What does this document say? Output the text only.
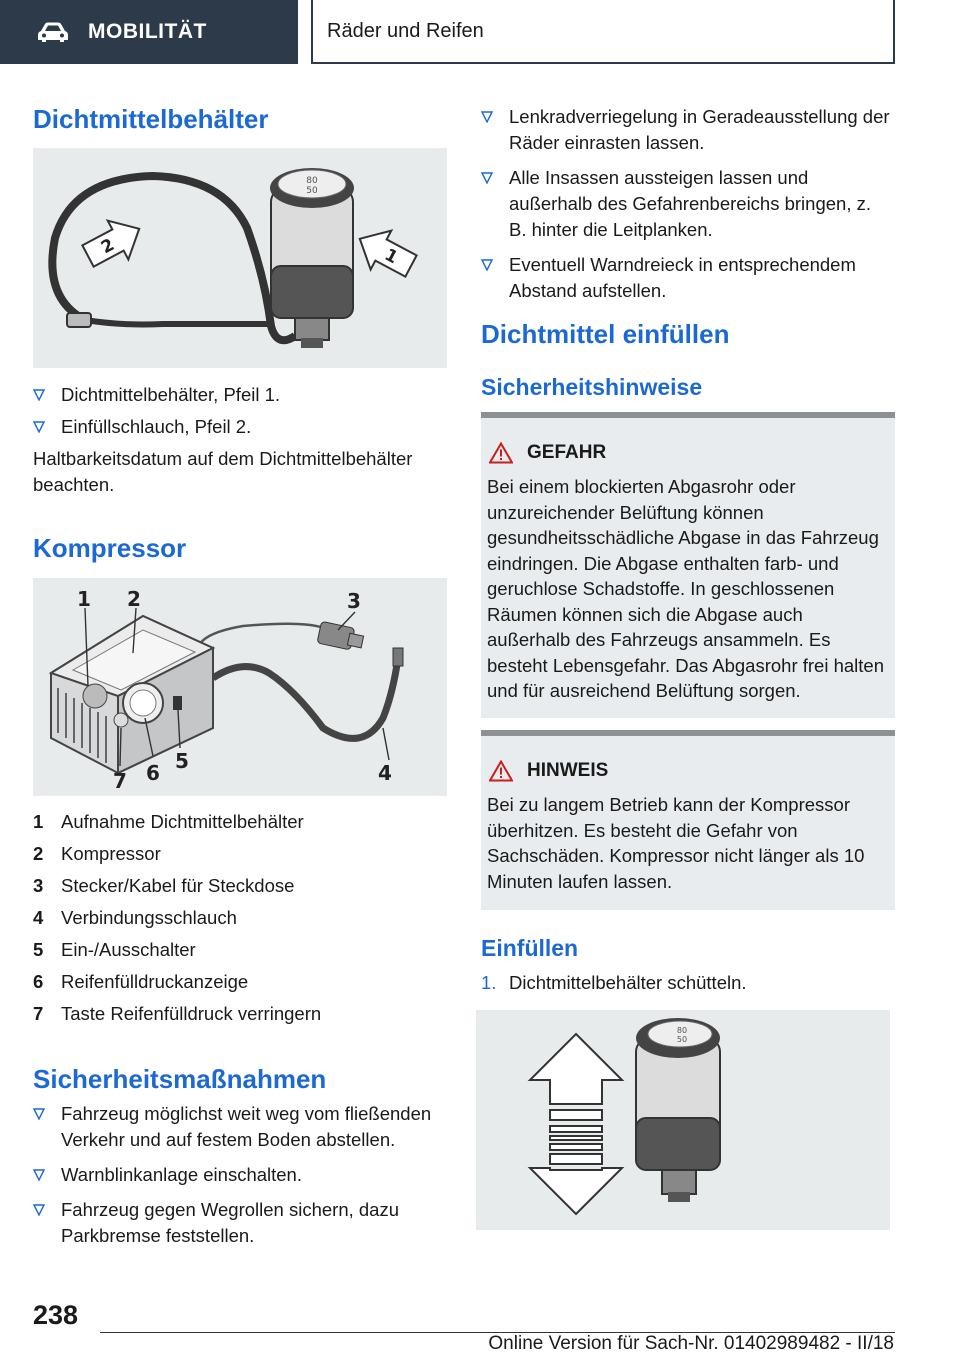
MOBILITÄT	Räder und Reifen
Dichtmittelbehälter
80
50
2	1
Dichtmittelbehälter, Pfeil 1.
Einfüllschlauch, Pfeil 2.

Haltbarkeitsdatum auf dem Dichtmittelbehälter beachten.

Kompressor
1 2	3
4
5
6
7
1 Aufnahme Dichtmittelbehälter
2 Kompressor
3 Stecker/Kabel für Steckdose
4 Verbindungsschlauch
5 Ein-/Ausschalter
6 Reifenfülldruckanzeige
7 Taste Reifenfülldruck verringern
Sicherheitsmaßnahmen
Fahrzeug möglichst weit weg vom fließenden Verkehr und auf festem Boden abstellen.
Warnblinkanlage einschalten.
Fahrzeug gegen Wegrollen sichern, dazu Parkbremse feststellen.
Lenkradverriegelung in Geradeausstellung der Räder einrasten lassen.
Alle Insassen aussteigen lassen und außerhalb des Gefahrenbereichs bringen, z. B. hinter die Leitplanken.
Eventuell Warndreieck in entsprechendem Abstand aufstellen.
Dichtmittel einfüllen
Sicherheitshinweise
GEFAHR

Bei einem blockierten Abgasrohr oder unzureichender Belüftung können gesundheitsschädliche Abgase in das Fahrzeug eindringen. Die Abgase enthalten farb- und geruchlose Schadstoffe. In geschlossenen Räumen können sich die Abgase auch außerhalb des Fahrzeugs ansammeln. Es besteht Lebensgefahr. Das Abgasrohr frei halten und für ausreichend Belüftung sorgen.

HINWEIS

Bei zu langem Betrieb kann der Kompressor überhitzen. Es besteht die Gefahr von Sachschäden. Kompressor nicht länger als 10 Minuten laufen lassen.

Einfüllen
1. Dichtmittelbehälter schütteln.
80
50
238
Online Version für Sach-Nr. 01402989482 - II/18
